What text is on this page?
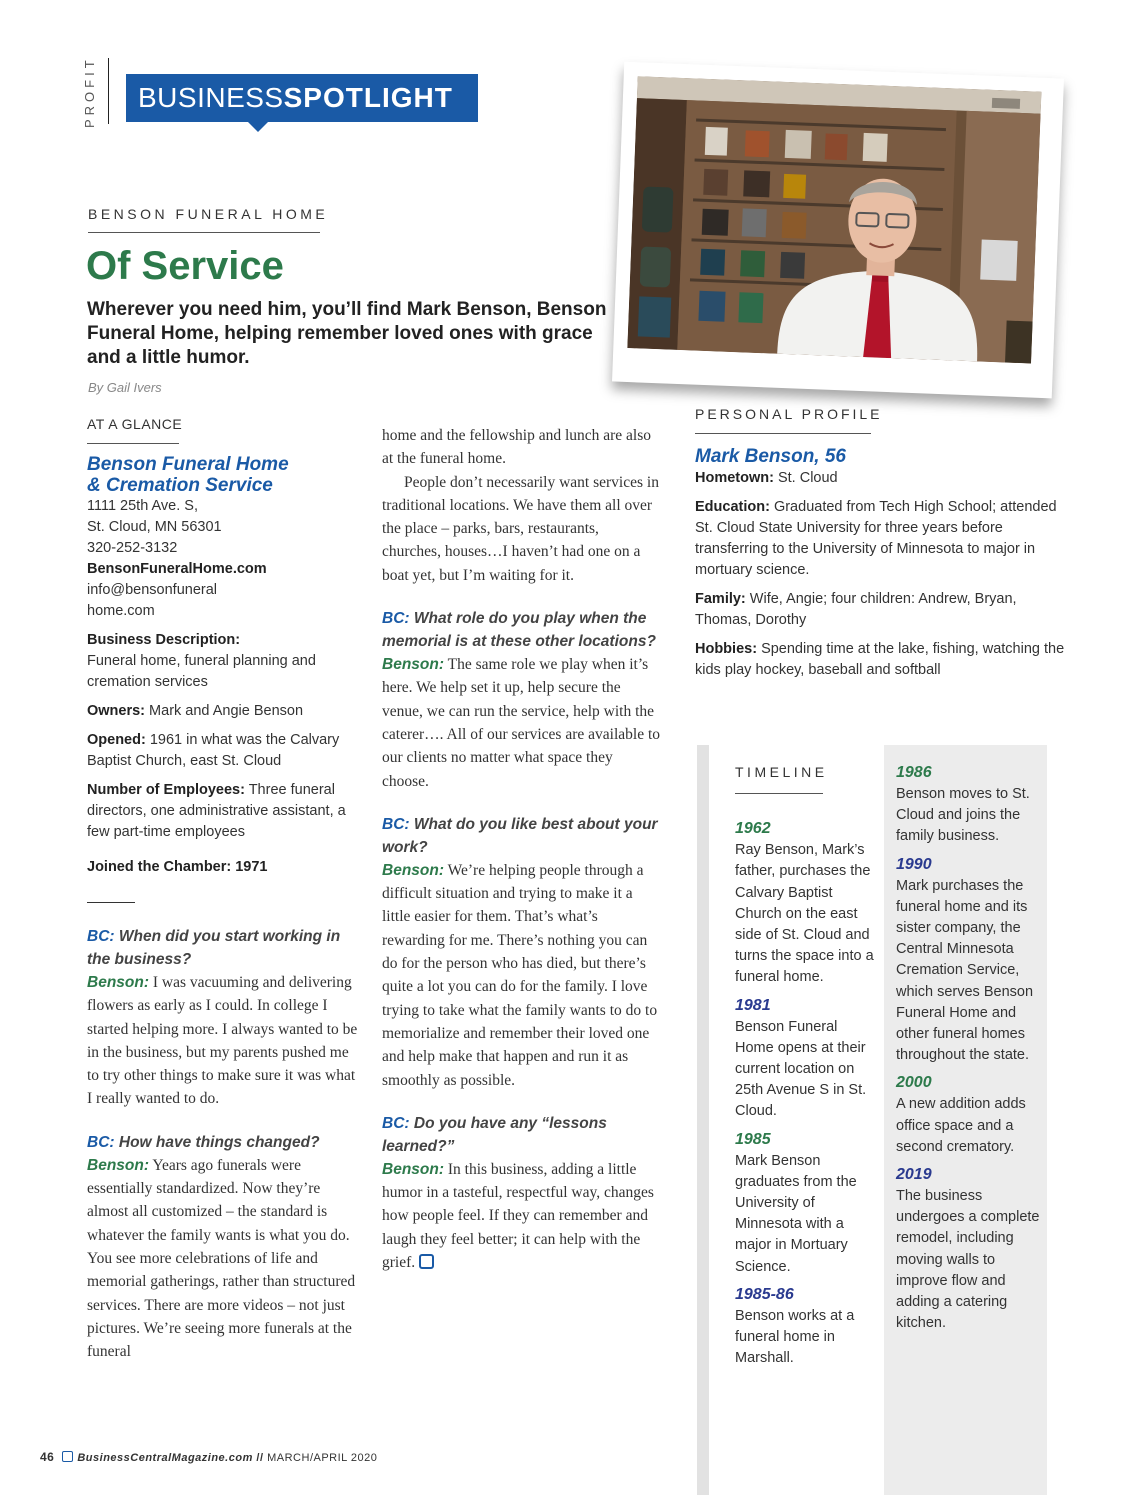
PROFIT	BUSINESSSPOTLIGHT
BENSON FUNERAL HOME
Of Service
Wherever you need him, you’ll find Mark Benson, Benson Funeral Home, helping remember loved ones with grace and a little humor.
By Gail Ivers
AT A GLANCE
Benson Funeral Home
& Cremation Service
1111 25th Ave. S,
St. Cloud, MN 56301
320-252-3132
BensonFuneralHome.com
info@bensonfuneral
home.com
Business Description:
Funeral home, funeral planning and cremation services
Owners: Mark and Angie Benson
Opened: 1961 in what was the Calvary Baptist Church, east St. Cloud
Number of Employees: Three funeral directors, one administrative assistant, a few part-time employees
Joined the Chamber: 1971
BC: When did you start working in the business?
Benson: I was vacuuming and delivering flowers as early as I could. In college I started helping more. I always wanted to be in the business, but my parents pushed me to try other things to make sure it was what I really wanted to do.
BC: How have things changed?
Benson: Years ago funerals were essentially standardized. Now they’re almost all customized – the standard is whatever the family wants is what you do. You see more celebrations of life and memorial gatherings, rather than structured services. There are more videos – not just pictures. We’re seeing more funerals at the funeral
home and the fellowship and lunch are also at the funeral home.
People don’t necessarily want services in traditional locations. We have them all over the place – parks, bars, restaurants, churches, houses…I haven’t had one on a boat yet, but I’m waiting for it.
BC: What role do you play when the memorial is at these other locations?
Benson: The same role we play when it’s here. We help set it up, help secure the venue, we can run the service, help with the caterer…. All of our services are available to our clients no matter what space they choose.
BC: What do you like best about your work?
Benson: We’re helping people through a difficult situation and trying to make it a little easier for them. That’s what’s rewarding for me. There’s nothing you can do for the person who has died, but there’s quite a lot you can do for the family. I love trying to take what the family wants to do to memorialize and remember their loved one and help make that happen and run it as smoothly as possible.
BC: Do you have any “lessons learned?”
Benson: In this business, adding a little humor in a tasteful, respectful way, changes how people feel. If they can remember and laugh they feel better; it can help with the grief.
PERSONAL PROFILE
Mark Benson, 56
Hometown: St. Cloud
Education: Graduated from Tech High School; attended St. Cloud State University for three years before transferring to the University of Minnesota to major in mortuary science.
Family: Wife, Angie; four children: Andrew, Bryan, Thomas, Dorothy
Hobbies: Spending time at the lake, fishing, watching the kids play hockey, baseball and softball
TIMELINE
1962
Ray Benson, Mark’s father, purchases the Calvary Baptist Church on the east side of St. Cloud and turns the space into a funeral home.
1981
Benson Funeral Home opens at their current location on 25th Avenue S in St. Cloud.
1985
Mark Benson graduates from the University of Minnesota with a major in Mortuary Science.
1985-86
Benson works at a funeral home in Marshall.
1986
Benson moves to St. Cloud and joins the family business.
1990
Mark purchases the funeral home and its sister company, the Central Minnesota Cremation Service, which serves Benson Funeral Home and other funeral homes throughout the state.
2000
A new addition adds office space and a second crematory.
2019
The business undergoes a complete remodel, including moving walls to improve flow and adding a catering kitchen.
46 BusinessCentralMagazine.com // MARCH/APRIL 2020
